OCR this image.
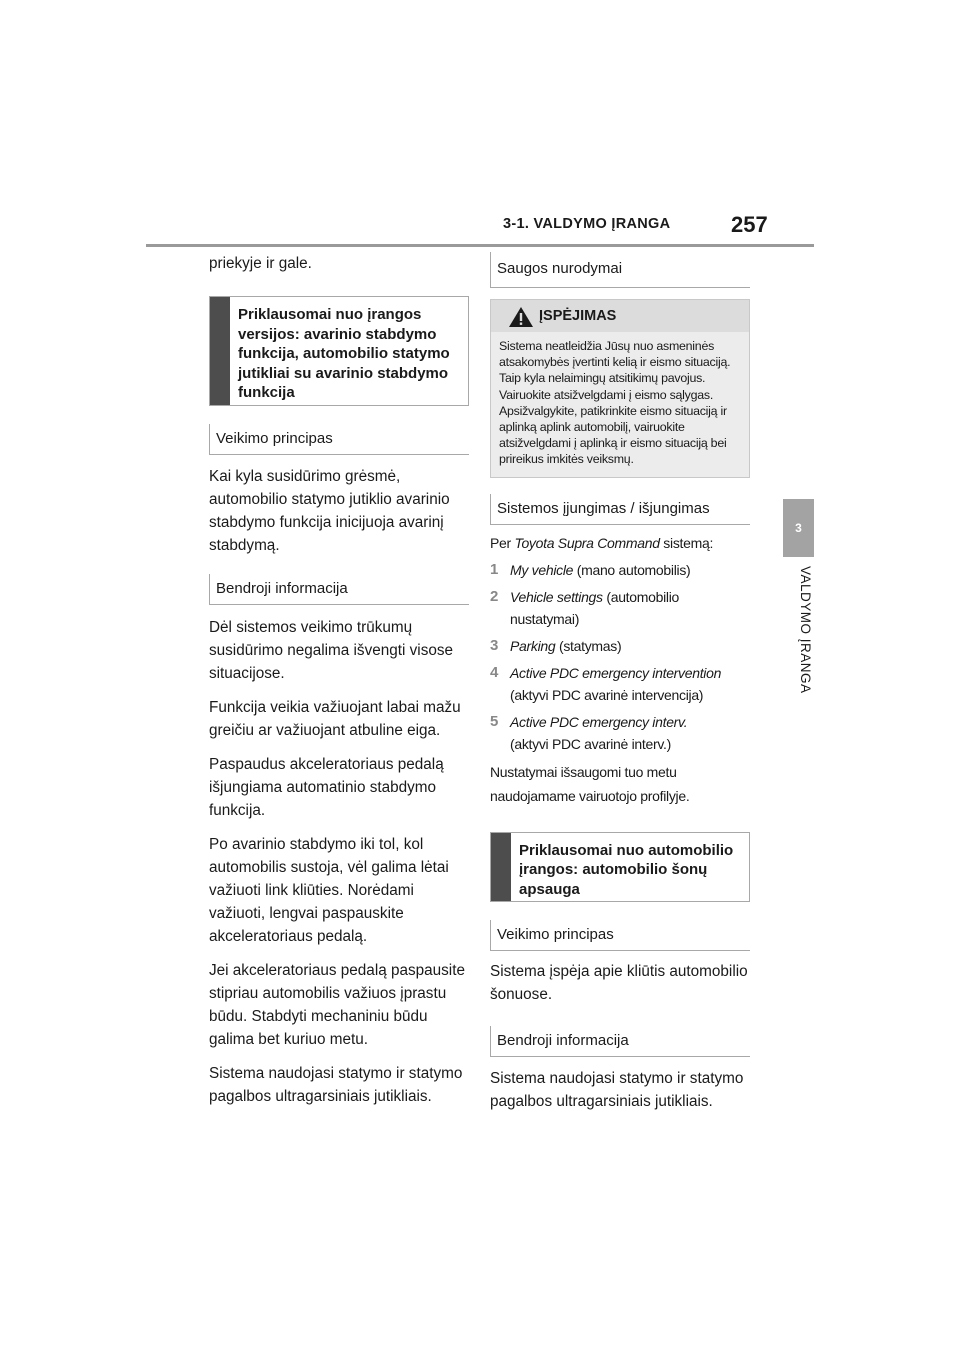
3-1. VALDYMO ĮRANGA	257
3
VALDYMO ĮRANGA

priekyje ir gale.

Priklausomai nuo įrangos versijos: avarinio stabdymo funkcija, automobilio statymo jutikliai su avarinio stabdymo funkcija
Veikimo principas

Kai kyla susidūrimo grėsmė, automobilio statymo jutiklio avarinio stabdymo funkcija inicijuoja avarinį stabdymą.

Bendroji informacija

Dėl sistemos veikimo trūkumų susidūrimo negalima išvengti visose situacijose.

Funkcija veikia važiuojant labai mažu greičiu ar važiuojant atbuline eiga.

Paspaudus akceleratoriaus pedalą išjungiama automatinio stabdymo funkcija.

Po avarinio stabdymo iki tol, kol automobilis sustoja, vėl galima lėtai važiuoti link kliūties. Norėdami važiuoti, lengvai paspauskite akceleratoriaus pedalą.

Jei akceleratoriaus pedalą paspausite stipriau automobilis važiuos įprastu būdu. Stabdyti mechaniniu būdu galima bet kuriuo metu.

Sistema naudojasi statymo ir statymo pagalbos ultragarsiniais jutikliais.

Saugos nurodymai
ĮSPĖJIMAS
Sistema neatleidžia Jūsų nuo asmeninės atsakomybės įvertinti kelią ir eismo situaciją. Taip kyla nelaimingų atsitikimų pavojus. Vairuokite atsižvelgdami į eismo sąlygas. Apsižvalgykite, patikrinkite eismo situaciją ir aplinką aplink automobilį, vairuokite atsižvelgdami į aplinką ir eismo situaciją bei prireikus imkitės veiksmų.
Sistemos įjungimas / išjungimas

Per Toyota Supra Command sistemą:

1 My vehicle (mano automobilis)
2 Vehicle settings (automobilio
nustatymai)
3 Parking (statymas)
4 Active PDC emergency intervention
(aktyvi PDC avarinė intervencija)
5 Active PDC emergency interv.
(aktyvi PDC avarinė interv.)

Nustatymai išsaugomi tuo metu naudojamame vairuotojo profilyje.

Priklausomai nuo automobilio įrangos: automobilio šonų apsauga
Veikimo principas

Sistema įspėja apie kliūtis automobilio šonuose.

Bendroji informacija

Sistema naudojasi statymo ir statymo pagalbos ultragarsiniais jutikliais.
